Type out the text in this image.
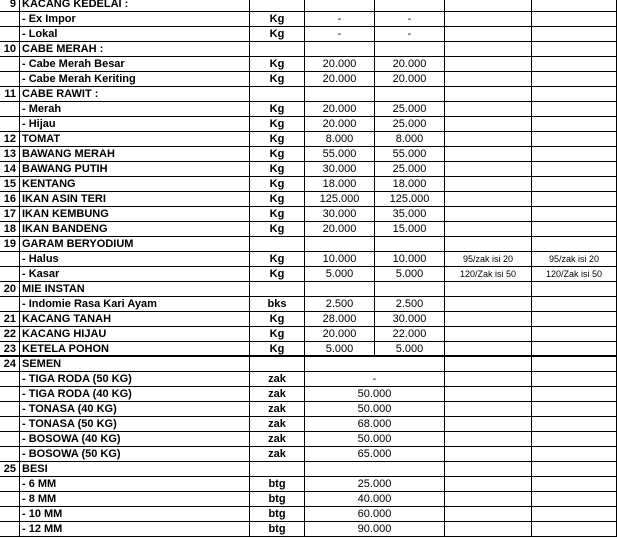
9 KACANG KEDELAI :
- Ex Impor	Kg	-	-
- Lokal	Kg	-	-
10 CABE MERAH :
- Cabe Merah Besar	Kg	20.000	20.000
- Cabe Merah Keriting	Kg	20.000	20.000
11 CABE RAWIT :
- Merah	Kg	20.000	25.000
- Hijau	Kg	20.000	25.000
12 TOMAT	Kg	8.000	8.000
13 BAWANG MERAH	Kg	55.000	55.000
14 BAWANG PUTIH	Kg	30.000	25.000
15 KENTANG	Kg	18.000	18.000
16 IKAN ASIN TERI	Kg	125.000	125.000
17 IKAN KEMBUNG	Kg	30.000	35.000
18 IKAN BANDENG	Kg	20.000	15.000
19 GARAM BERYODIUM
- Halus	Kg	10.000	10.000	95/zak isi 20	95/zak isi 20
- Kasar	Kg	5.000	5.000	120/Zak isi 50	120/Zak isi 50
20 MIE INSTAN
- Indomie Rasa Kari Ayam	bks	2.500	2.500
21 KACANG TANAH	Kg	28.000	30.000
22 KACANG HIJAU	Kg	20.000	22.000
23 KETELA POHON	Kg	5.000	5.000
24 SEMEN
- TIGA RODA (50 KG)	zak	-
- TIGA RODA (40 KG)	zak	50.000
- TONASA (40 KG)	zak	50.000
- TONASA (50 KG)	zak	68.000
- BOSOWA (40 KG)	zak	50.000
- BOSOWA (50 KG)	zak	65.000
25 BESI
- 6 MM	btg	25.000
- 8 MM	btg	40.000
- 10 MM	btg	60.000
- 12 MM	btg	90.000
